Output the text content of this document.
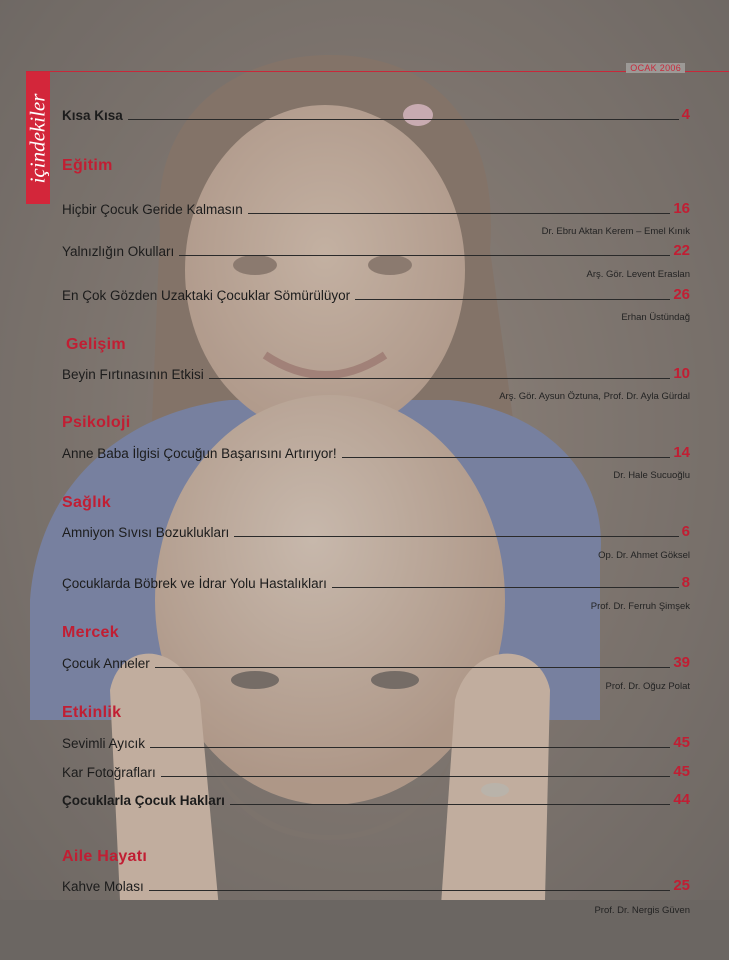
OCAK 2006
içindekiler Kısa Kısa	4
Eğitim
Hiçbir Çocuk Geride Kalmasın	16
Dr. Ebru Aktan Kerem – Emel Kınık
Yalnızlığın Okulları	22
Arş. Gör. Levent Eraslan
En Çok Gözden Uzaktaki Çocuklar Sömürülüyor	26
Erhan Üstündağ
Gelişim
Beyin Fırtınasının Etkisi	10
Arş. Gör. Aysun Öztuna, Prof. Dr. Ayla Gürdal
Psikoloji
Anne Baba İlgisi Çocuğun Başarısını Artırıyor!	14
Dr. Hale Sucuoğlu
Sağlık
Amniyon Sıvısı Bozuklukları	6
Op. Dr. Ahmet Göksel
Çocuklarda Böbrek ve İdrar Yolu Hastalıkları	8
Prof. Dr. Ferruh Şimşek
Mercek
Çocuk Anneler	39
Prof. Dr. Oğuz Polat
Etkinlik
Sevimli Ayıcık	45
Kar Fotoğrafları	45
Çocuklarla Çocuk Hakları	44
Aile Hayatı
Kahve Molası	25
Prof. Dr. Nergis Güven
